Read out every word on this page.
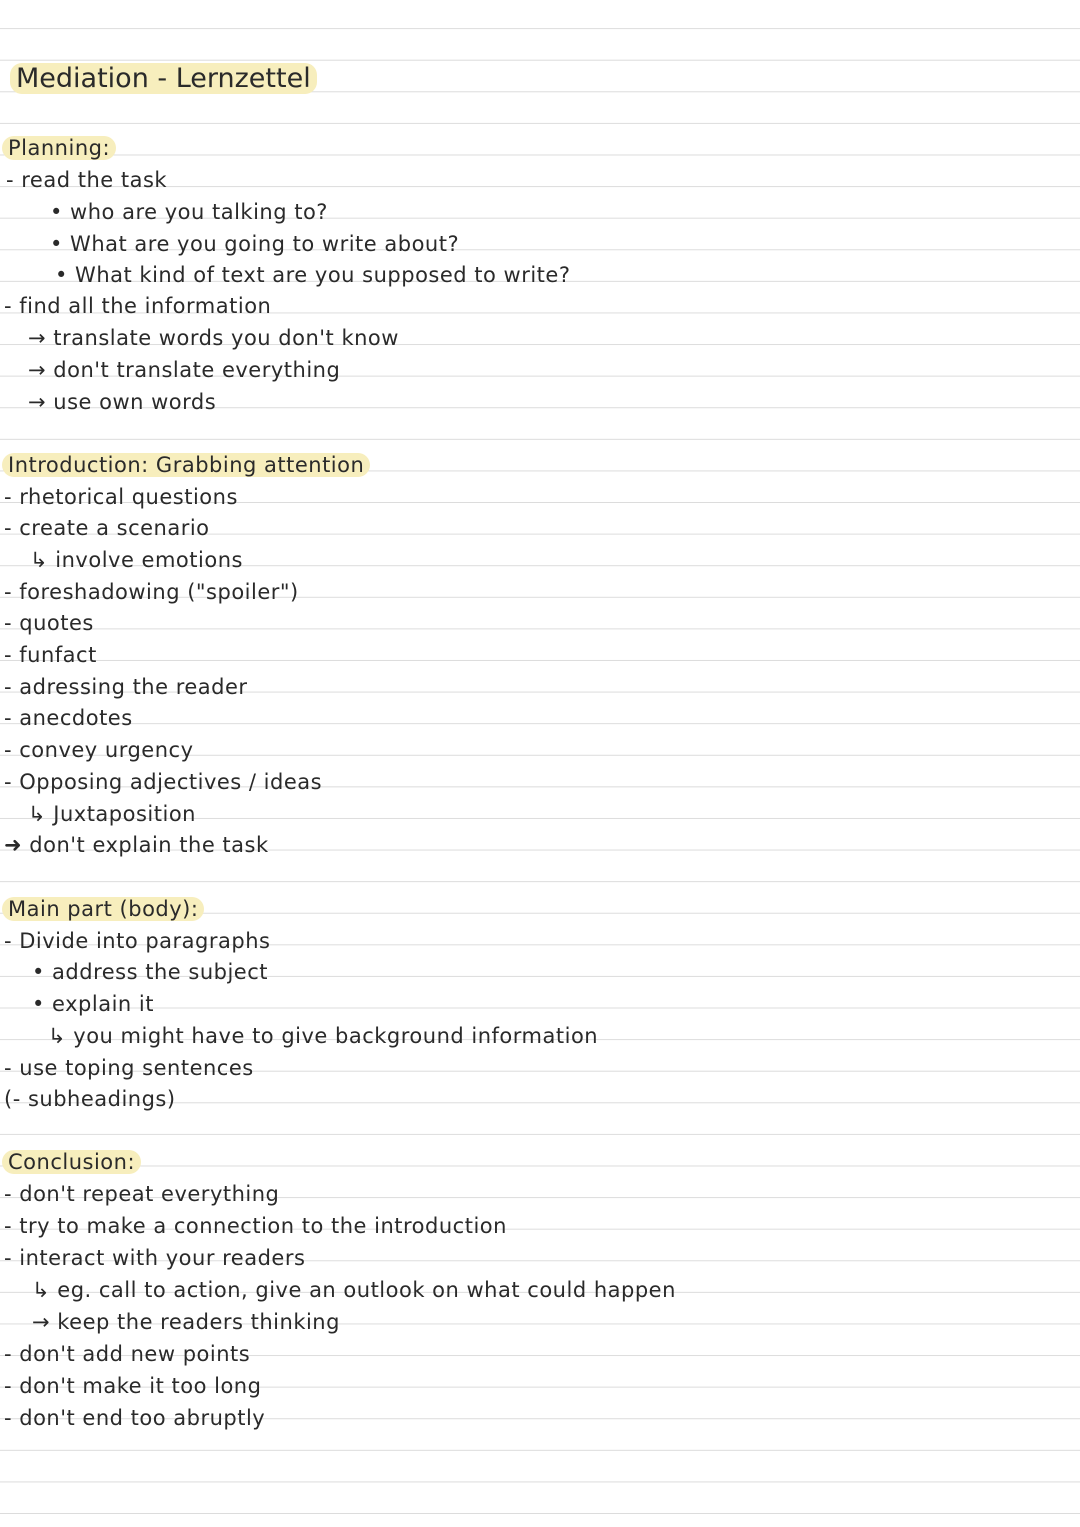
Mediation - Lernzettel
Planning:
- read the task
• who are you talking to?
• What are you going to write about?
• What kind of text are you supposed to write?
- find all the information
→ translate words you don't know
→ don't translate everything
→ use own words
Introduction: Grabbing attention
- rhetorical questions
- create a scenario
↳ involve emotions
- foreshadowing ("spoiler")
- quotes
- funfact
- adressing the reader
- anecdotes
- convey urgency
- Opposing adjectives / ideas
↳ Juxtaposition
➜ don't explain the task
Main part (body):
- Divide into paragraphs
• address the subject
• explain it
↳ you might have to give background information
- use toping sentences
(- subheadings)
Conclusion:
- don't repeat everything
- try to make a connection to the introduction
- interact with your readers
↳ eg. call to action, give an outlook on what could happen
→ keep the readers thinking
- don't add new points
- don't make it too long
- don't end too abruptly
